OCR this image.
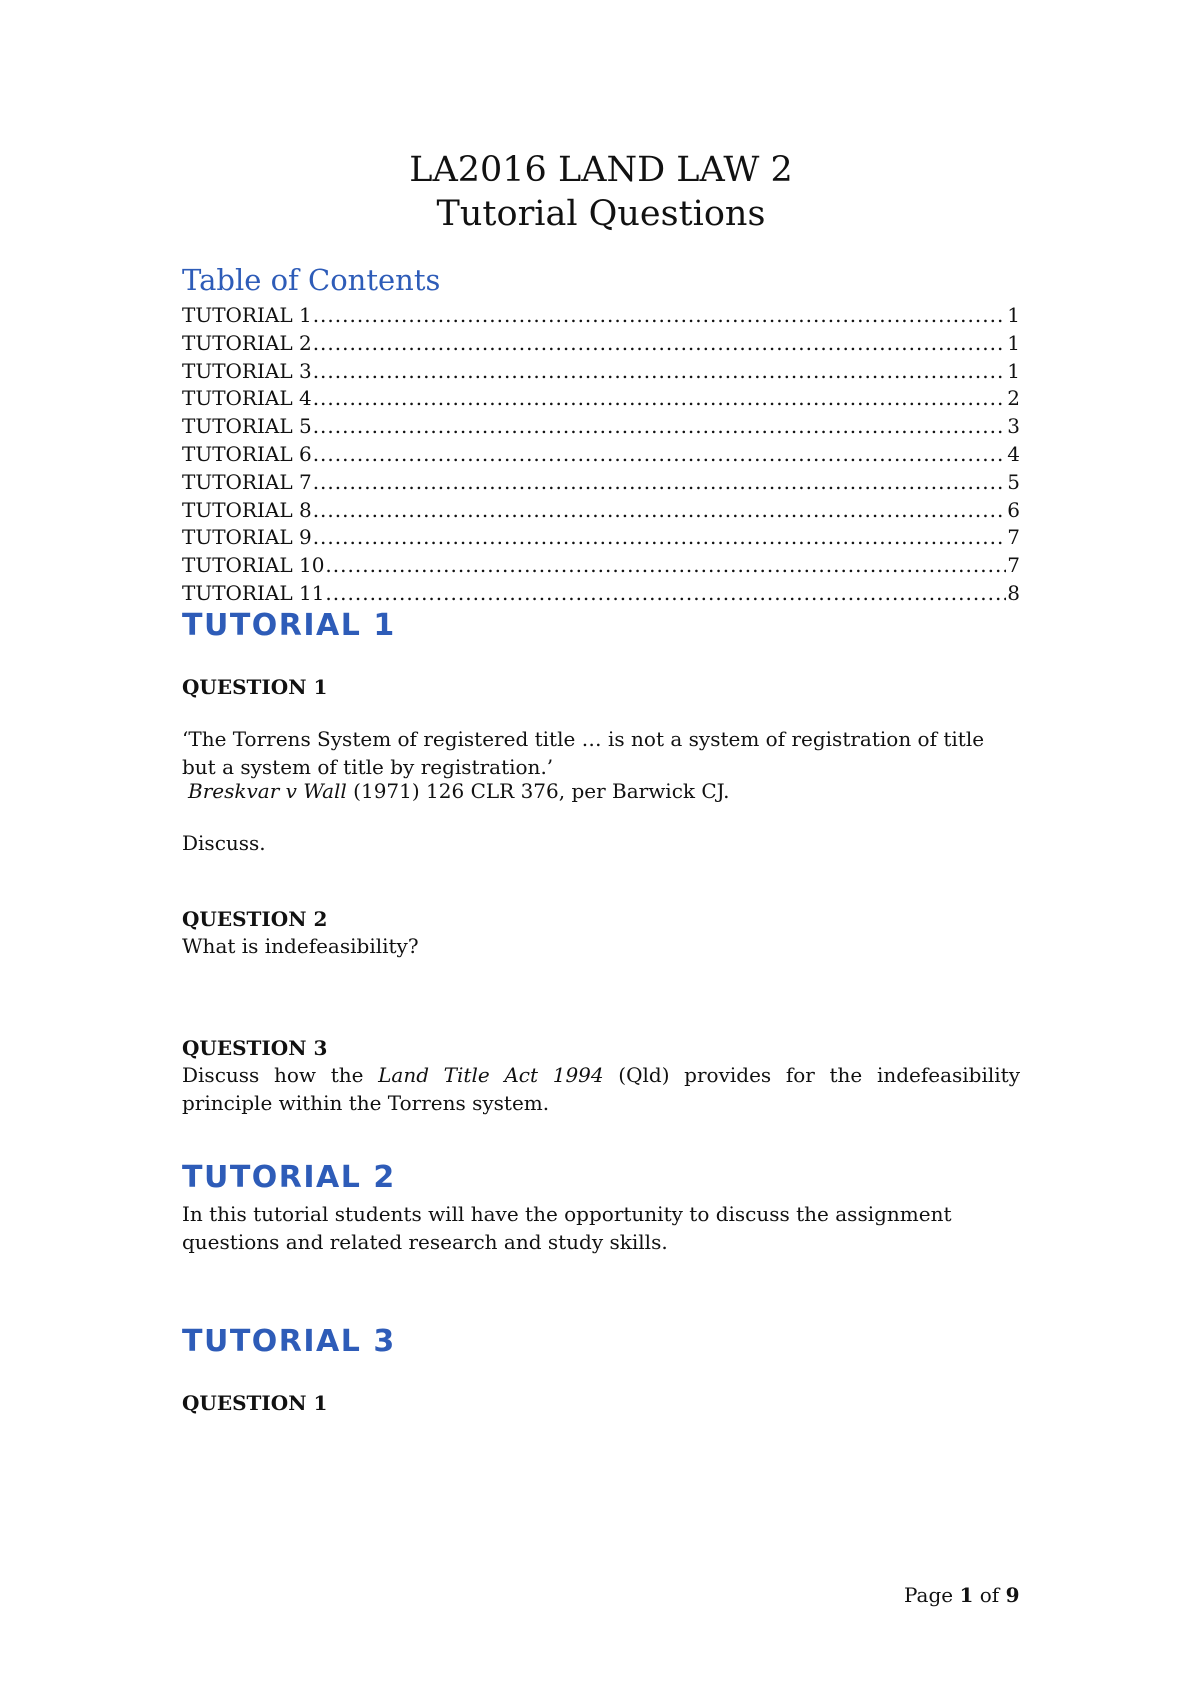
LA2016 LAND LAW 2
Tutorial Questions
Table of Contents
TUTORIAL 1 .....	1
TUTORIAL 2 .....	1
TUTORIAL 3 .....	1
TUTORIAL 4 .....	2
TUTORIAL 5 .....	3
TUTORIAL 6 .....	4
TUTORIAL 7 .....	5
TUTORIAL 8 .....	6
TUTORIAL 9 .....	7
TUTORIAL 10 .....	7
TUTORIAL 11 .....	8
TUTORIAL 1
QUESTION 1

‘The Torrens System of registered title … is not a system of registration of title but a system of title by registration.’

Breskvar v Wall (1971) 126 CLR 376, per Barwick CJ.
Discuss.
QUESTION 2
What is indefeasibility?
QUESTION 3

Discuss how the Land Title Act 1994 (Qld) provides for the indefeasibility principle within the Torrens system.

TUTORIAL 2

In this tutorial students will have the opportunity to discuss the assignment questions and related research and study skills.

TUTORIAL 3
QUESTION 1
Page 1 of 9
